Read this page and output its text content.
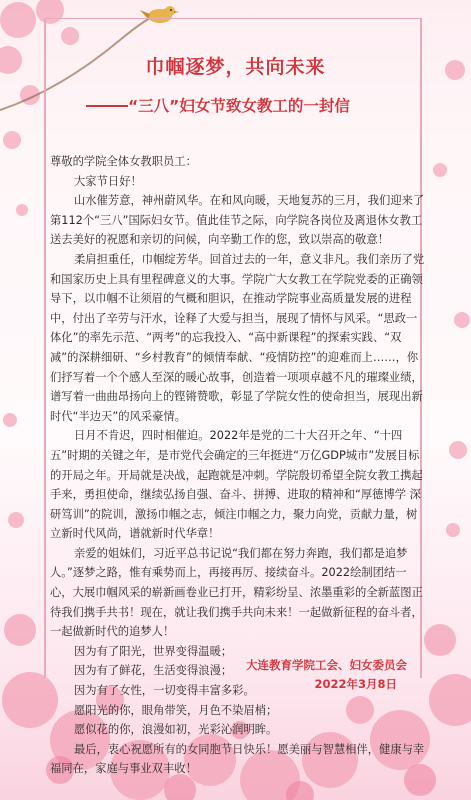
巾帼逐梦，共向未来
“三八”妇女节致女教工的一封信

尊敬的学院全体女教职员工：

大家节日好！

山水催芳意，神州蔚风华。在和风向暖，天地复苏的三月，我们迎来了第112个“三八”国际妇女节。值此佳节之际，向学院各岗位及离退休女教工送去美好的祝愿和亲切的问候，向辛勤工作的您，致以崇高的敬意！

柔肩担重任，巾帼绽芳华。回首过去的一年，意义非凡。我们亲历了党和国家历史上具有里程碑意义的大事。学院广大女教工在学院党委的正确领导下，以巾帼不让须眉的气概和胆识，在推动学院事业高质量发展的进程中，付出了辛劳与汗水，诠释了大爱与担当，展现了情怀与风采。“思政一体化”的率先示范、“两考”的忘我投入、“高中新课程”的探索实践、“双减”的深耕细研、“乡村教育”的倾情奉献、“疫情防控”的迎难而上……，你们抒写着一个个感人至深的暖心故事，创造着一项项卓越不凡的璀璨业绩，谱写着一曲曲昂扬向上的铿锵赞歌，彰显了学院女性的使命担当，展现出新时代“半边天”的风采豪情。

日月不肯迟，四时相催迫。2022年是党的二十大召开之年、“十四五”时期的关键之年，是市党代会确定的三年挺进“万亿GDP城市”发展目标的开局之年。开局就是决战，起跑就是冲刺。学院殷切希望全院女教工携起手来，勇担使命，继续弘扬自强、奋斗、拼搏、进取的精神和“厚德博学 深研笃训”的院训，激扬巾帼之志，倾注巾帼之力，聚力向党，贡献力量，树立新时代风尚，谱就新时代华章！

亲爱的姐妹们，习近平总书记说“我们都在努力奔跑，我们都是追梦人。”逐梦之路，惟有乘势而上，再接再厉、接续奋斗。2022绘制团结一心，大展巾帼风采的崭新画卷业已打开，精彩纷呈、浓墨重彩的全新蓝图正待我们携手共书！现在，就让我们携手共向未来！一起做新征程的奋斗者，一起做新时代的追梦人！

因为有了阳光，世界变得温暖；

因为有了鲜花，生活变得浪漫；

因为有了女性，一切变得丰富多彩。

愿阳光的你，眼角带笑，月色不染眉梢；

愿似花的你，浪漫如初，光彩沁润明眸。

最后，衷心祝愿所有的女同胞节日快乐！愿美丽与智慧相伴，健康与幸福同在，家庭与事业双丰收！

大连教育学院工会、妇女委员会
2022年3月8日
